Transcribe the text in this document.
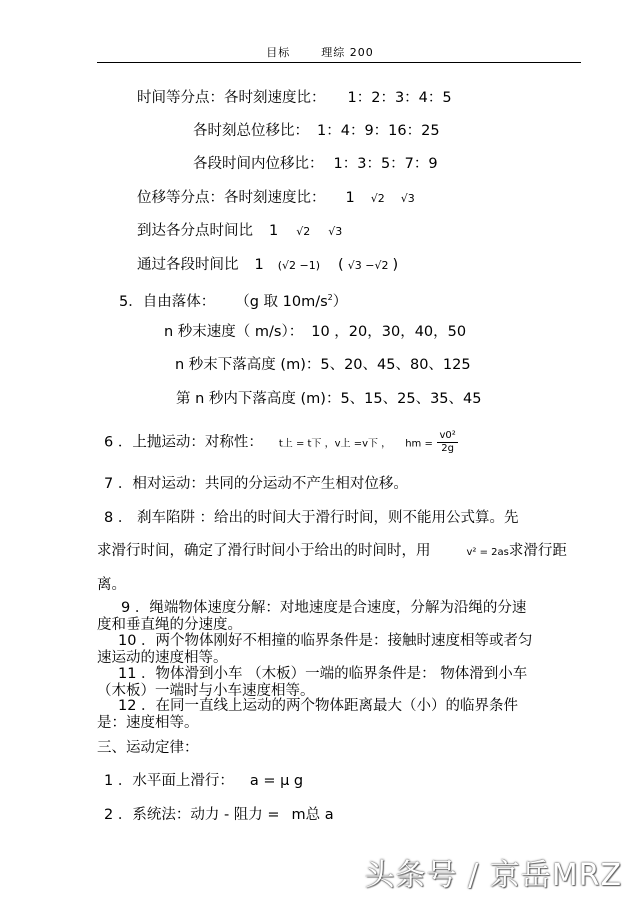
目标	理综 200
时间等分点：各时刻速度比： 1：2：3：4：5
各时刻总位移比： 1：4：9：16：25
各段时间内位移比： 1：3：5：7：9
位移等分点：各时刻速度比： 1 √2 √3
到达各分点时间比 1 √2 √3
通过各段时间比 1 (√2 −1) ( √3 −√2 )
5．自由落体： （g 取 $10m/s^2$）
n 秒末速度（ m/s）： 10 ，20，30，40，50
n 秒末下落高度 (m)：5、20、45、80、125
第 n 秒内下落高度 (m)：5、15、25、35、45
6 ．上抛运动：对称性： t上 = t下 ，v上 =v下 ， hm = $\frac{\text{v0²}}{2g}$
7 ．相对运动：共同的分运动不产生相对位移。
8 ． 刹车陷阱 ：给出的时间大于滑行时间，则不能用公式算。先
求滑行时间，确定了滑行时间小于给出的时间时，用	v² = 2as求滑行距
离。
9 ．绳端物体速度分解：对地速度是合速度，分解为沿绳的分速度和垂直绳的分速度。
10 ．两个物体刚好不相撞的临界条件是：接触时速度相等或者匀速运动的速度相等。
11 ．物体滑到小车 （木板）一端的临界条件是： 物体滑到小车 （木板）一端时与小车速度相等。
12 ．在同一直线上运动的两个物体距离最大（小）的临界条件是：速度相等。
三、运动定律：
1 ．水平面上滑行： a = μ g
2 ．系统法：动力 - 阻力 = m总 a
头条号 / 京岳MRZ
